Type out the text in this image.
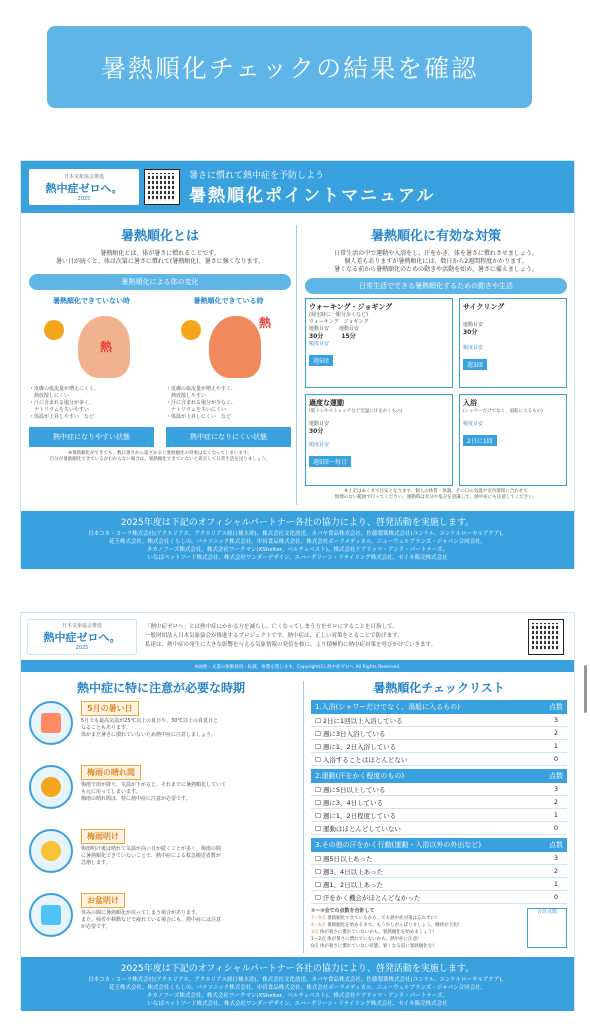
暑熱順化チェックの結果を確認
日本気象協会推進
熱中症ゼロへ。
2025
暑さに慣れて熱中症を予防しよう
暑熱順化ポイントマニュアル
暑熱順化とは
暑熱順化とは、体が暑さに慣れることです。
暑い日が続くと、体は次第に暑さに慣れて(暑熱順化)、暑さに強くなります。
暑熱順化による体の変化
暑熱順化できていない時
熱
・皮膚の血流量が増えにくく、
　熱放散しにくい
・汗に含まれる塩分が多く、
　ナトリウムを失いやすい
・体温が上昇しやすい　など
熱中症になりやすい状態
暑熱順化できている時
熱
・皮膚の血流量が増えやすく、
　熱放散しやすい
・汗に含まれる塩分が少なく、
　ナトリウムを失いにくい
・体温が上昇しにくい　など
熱中症になりにくい状態
※暑熱順化ができても、数日暑さから遠ざかると暑熱順化の効果はなくなってしまいます。
自分が暑熱順化できているかわからない場合は、暑熱順化できていないと仮定して日常生活を送りましょう。
暑熱順化に有効な対策
日常生活の中で運動や入浴をし、汗をかき、体を暑さに慣れさせましょう。
個人差もありますが暑熱順化には、数日から2週間程度かかります。
暑くなる前から暑熱順化のための動きや活動を始め、暑さに備えましょう。
日常生活でできる暑熱順化するための動きや生活
ウォーキング・ジョギング
(帰宅時に一駅分歩くなど)
ウォーキング　ジョギング
運動目安　　運動目安
30分　　　15分
頻度目安
週5回
サイクリング
運動目安
30分
頻度目安
週3回
適度な運動
(筋トレやストレッチなど室温に汗をかくもの)
運動目安
30分
頻度目安
週5回〜毎日
入浴
(シャワーだけでなく、湯船に入るもの)
頻度目安
2日に1回
※上記はあくまで目安となります。個人の体質・体調、その日の気温や室内環境に合わせて
無理のない範囲で行ってください。運動時は水分や塩分を意識して、熱中症にも注意してください。
2025年度は下記のオフィシャルパートナー各社の協力により、啓発活動を実施します。
日本コカ・コーラ株式会社(アクエリアス、アクエリアス経口補水液)、株式会社文化放送、カバヤ食品株式会社、佐藤製薬株式会社(ユンケル、ユンケルローヤルアクア)、
花王株式会社、株式会社くらしの、パナソニック株式会社、中田食品株式会社、株式会社ボーラメディカル、ニューウェルブランズ・ジャパン合同会社、
タカノフーズ株式会社、株式会社ワークマン(XShelter、ベルチェベスト)、株式会社ケアリッツ・アンド・パートナーズ、
いなばペットフード株式会社、株式会社ワンダーデザイン、エバーグリーン・リテイリング株式会社、セイキ販売株式会社
日本気象協会推進
熱中症ゼロへ。
2025
「熱中症ゼロへ」とは熱中症にかかる方を減らし、亡くなってしまう方をゼロにすることを目指して、
一般財団法人日本気象協会が推進するプロジェクトです。熱中症は、正しい対策をとることで防げます。
私達は、熱中症の発生に大きな影響を与える気象情報の発信を核に、より積極的に熱中症対策を呼びかけていきます。
※画像・文書の無断使用・転載、複製を禁じます。Copyright(C) 熱中症ゼロへ All Rights Reserved.
熱中症に特に注意が必要な時期
5月の暑い日
5月でも最高気温が25℃以上の夏日や、30℃以上の真夏日と
なることもあります。
体がまだ暑さに慣れていないため熱中症に注意しましょう。
梅雨の晴れ間
梅雨で雨が降り、気温が下がると、それまでに暑熱順化していて
も元に戻ってしまいます。
梅雨の晴れ間は、特に熱中症に注意が必要です。
梅雨明け
梅雨明け後は晴れて気温が高い日が続くことが多く、梅雨の間
に暑熱順化できていないことで、熱中症による救急搬送者数が
急増します。
お盆明け
休みの間に暑熱順化が戻ってしまう場合があります。
また、帰省や移動などで疲れている場合にも、熱中症には注意
が必要です。
暑熱順化チェックリスト
1.入浴(シャワーだけでなく、湯船に入るもの)	点数
☐ 2日に1回以上入浴している	3
☐ 週に3日入浴している	2
☐ 週に1、2日入浴している	1
☐ 入浴することはほとんどない	0
2.運動(汗をかく程度のもの)	点数
☐ 週に5日以上している	3
☐ 週に3、4日している	2
☐ 週に1、2日程度している	1
☐ 運動はほとんどしていない	0
3.その他の汗をかく行動(運動・入浴以外の外出など)	点数
☐ 週5日以上あった	3
☐ 週3、4日以上あった	2
☐ 週1、2日以上あった	1
☐ 汗をかく機会がほとんどなかった	0
①〜③全ての点数を合計して
7〜9点 暑熱順化できているかも。でも熱中症対策は忘れずに!
4〜6点 暑熱順化を始めるまで、もう少しがんばりましょう。継続が大切!
3点 体が暑さに慣れていないかも。暑熱順化を始めましょう!
1〜2点 体が暑さに慣れていないかも。熱中症に注意!
0点 体が暑さに慣れていない状態。暑くなる前に暑熱順化を!
合計点数
2025年度は下記のオフィシャルパートナー各社の協力により、啓発活動を実施します。
日本コカ・コーラ株式会社(アクエリアス、アクエリアス経口補水液)、株式会社文化放送、カバヤ食品株式会社、佐藤製薬株式会社(ユンケル、ユンケルローヤルアクア)、
花王株式会社、株式会社くらしの、パナソニック株式会社、中田食品株式会社、株式会社ボーラメディカル、ニューウェルブランズ・ジャパン合同会社、
タカノフーズ株式会社、株式会社ワークマン(XShelter、ベルチェベスト)、株式会社ケアリッツ・アンド・パートナーズ、
いなばペットフード株式会社、株式会社ワンダーデザイン、エバーグリーン・リテイリング株式会社、セイキ販売株式会社
